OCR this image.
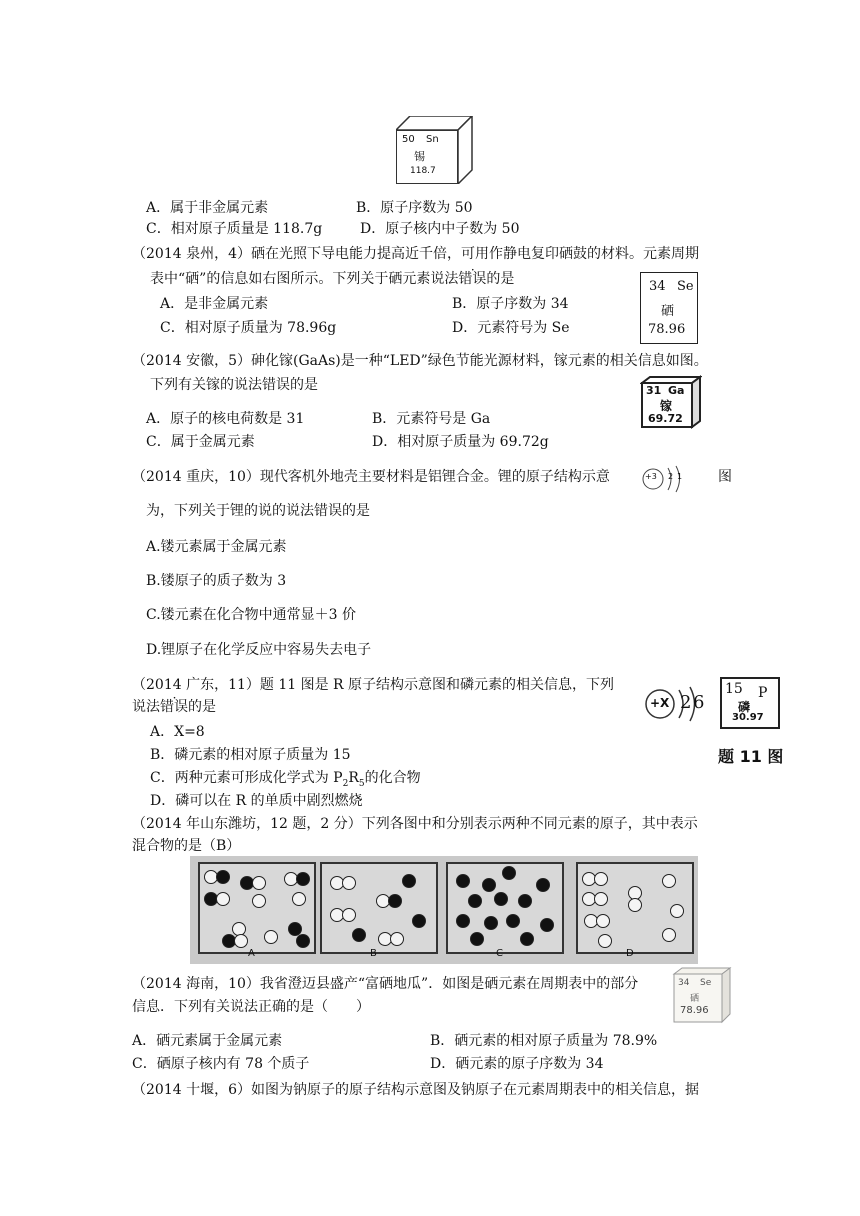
50 Sn
锡
118.7
A．属于非金属元素	B．原子序数为 50
C．相对原子质量是 118.7g	D．原子核内中子数为 50
（2014 泉州，4）硒在光照下导电能力提高近千倍，可用作静电复印硒鼓的材料。元素周期
表中“硒”的信息如右图所示。下列关于硒元素说法错误的是
A．是非金属元素	B．原子序数为 34
C．相对原子质量为 78.96g	D．元素符号为 Se
34 Se
硒
78.96
（2014 安徽，5）砷化镓(GaAs)是一种“LED”绿色节能光源材料，镓元素的相关信息如图。
下列有关镓的说法错误的是
A．原子的核电荷数是 31	B．元素符号是 Ga
C．属于金属元素	D．相对原子质量为 69.72g
31 Ga
镓
69.72
（2014 重庆，10）现代客机外地壳主要材料是铝锂合金。锂的原子结构示意	+3 2 1	图
为，下列关于锂的说的说法错误的是
A.镂元素属于金属元素
B.镂原子的质子数为 3
C.镂元素在化合物中通常显＋3 价
D.锂原子在化学反应中容易失去电子
（2014 广东，11）题 11 图是 R 原子结构示意图和磷元素的相关信息，下列
说法错误的是
A．X=8
B．磷元素的相对原子质量为 15
C．两种元素可形成化学式为 $P_2R_5$的化合物
D．磷可以在 R 的单质中剧烈燃烧
+X 2 6
15 P
磷
30.97
题 11 图
（2014 年山东潍坊，12 题，2 分）下列各图中和分别表示两种不同元素的原子，其中表示
混合物的是（B）
A	B	C	D
（2014 海南，10）我省澄迈县盛产“富硒地瓜”．如图是硒元素在周期表中的部分
信息．下列有关说法正确的是（　　）
34 Se
硒
78.96
A．硒元素属于金属元素	B．硒元素的相对原子质量为 78.9%
C．硒原子核内有 78 个质子	D．硒元素的原子序数为 34
（2014 十堰，6）如图为钠原子的原子结构示意图及钠原子在元素周期表中的相关信息，据
